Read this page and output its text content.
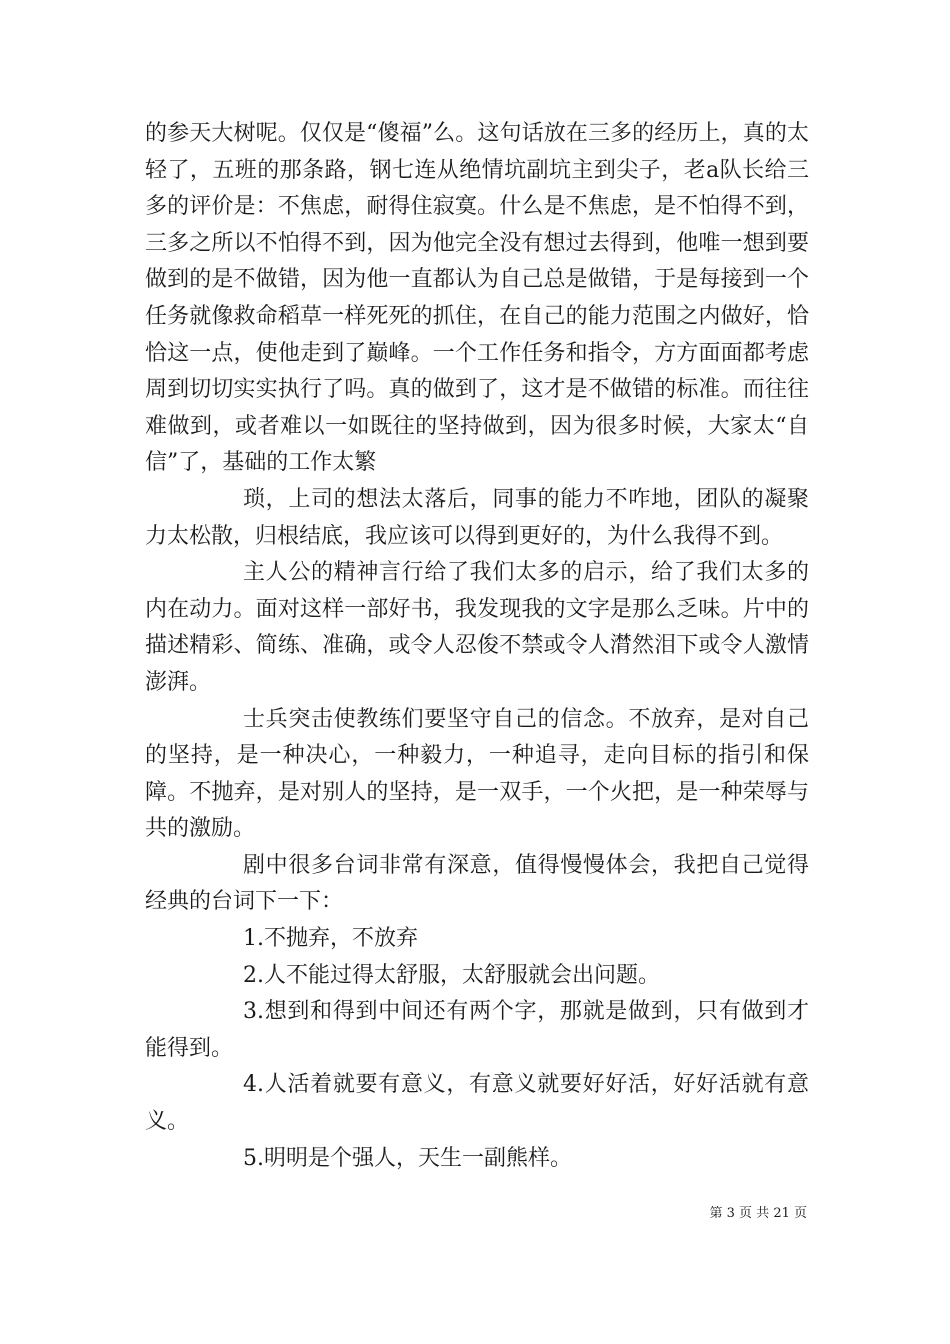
的参天大树呢。仅仅是“傻福”么。这句话放在三多的经历上，真的太轻了，五班的那条路，钢七连从绝情坑副坑主到尖子，老a队长给三多的评价是：不焦虑，耐得住寂寞。什么是不焦虑，是不怕得不到，三多之所以不怕得不到，因为他完全没有想过去得到，他唯一想到要做到的是不做错，因为他一直都认为自己总是做错，于是每接到一个任务就像救命稻草一样死死的抓住，在自己的能力范围之内做好，恰恰这一点，使他走到了巅峰。一个工作任务和指令，方方面面都考虑周到切切实实执行了吗。真的做到了，这才是不做错的标准。而往往难做到，或者难以一如既往的坚持做到，因为很多时候，大家太“自信”了，基础的工作太繁

琐，上司的想法太落后，同事的能力不咋地，团队的凝聚力太松散，归根结底，我应该可以得到更好的，为什么我得不到。

主人公的精神言行给了我们太多的启示，给了我们太多的内在动力。面对这样一部好书，我发现我的文字是那么乏味。片中的描述精彩、简练、准确，或令人忍俊不禁或令人潸然泪下或令人激情澎湃。

士兵突击使教练们要坚守自己的信念。不放弃，是对自己的坚持，是一种决心，一种毅力，一种追寻，走向目标的指引和保障。不抛弃，是对别人的坚持，是一双手，一个火把，是一种荣辱与共的激励。

剧中很多台词非常有深意，值得慢慢体会，我把自己觉得经典的台词下一下：

1.不抛弃，不放弃

2.人不能过得太舒服，太舒服就会出问题。

3.想到和得到中间还有两个字，那就是做到，只有做到才能得到。

4.人活着就要有意义，有意义就要好好活，好好活就有意义。

5.明明是个强人，天生一副熊样。

第 3 页 共 21 页
